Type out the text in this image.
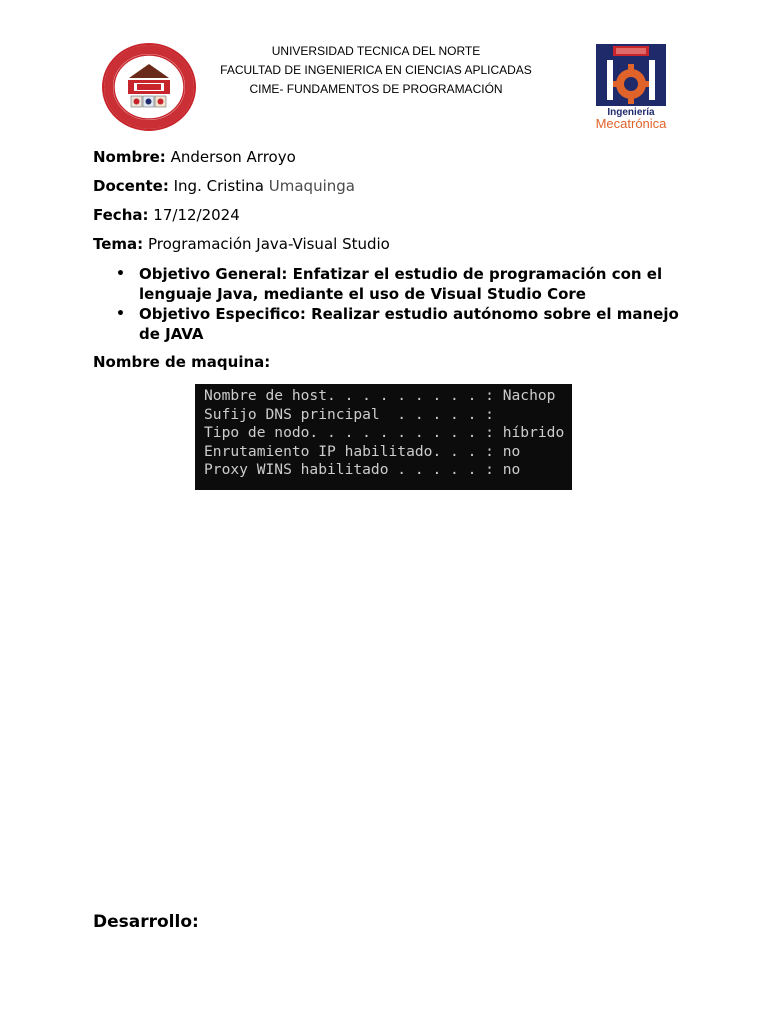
UNIVERSIDAD TECNICA DEL NORTE
FACULTAD DE INGENIERICA EN CIENCIAS APLICADAS
CIME- FUNDAMENTOS DE PROGRAMACIÓN
Ingeniería
Mecatrónica
Nombre: Anderson Arroyo
Docente: Ing. Cristina Umaquinga
Fecha: 17/12/2024
Tema: Programación Java-Visual Studio
• Objetivo General: Enfatizar el estudio de programación con el lenguaje Java, mediante el uso de Visual Studio Core
• Objetivo Especifico: Realizar estudio autónomo sobre el manejo de JAVA
Nombre de maquina:
Nombre de host. . . . . . . . . : Nachop
Sufijo DNS principal  . . . . . :
Tipo de nodo. . . . . . . . . . : híbrido
Enrutamiento IP habilitado. . . : no
Proxy WINS habilitado . . . . . : no
Desarrollo:
